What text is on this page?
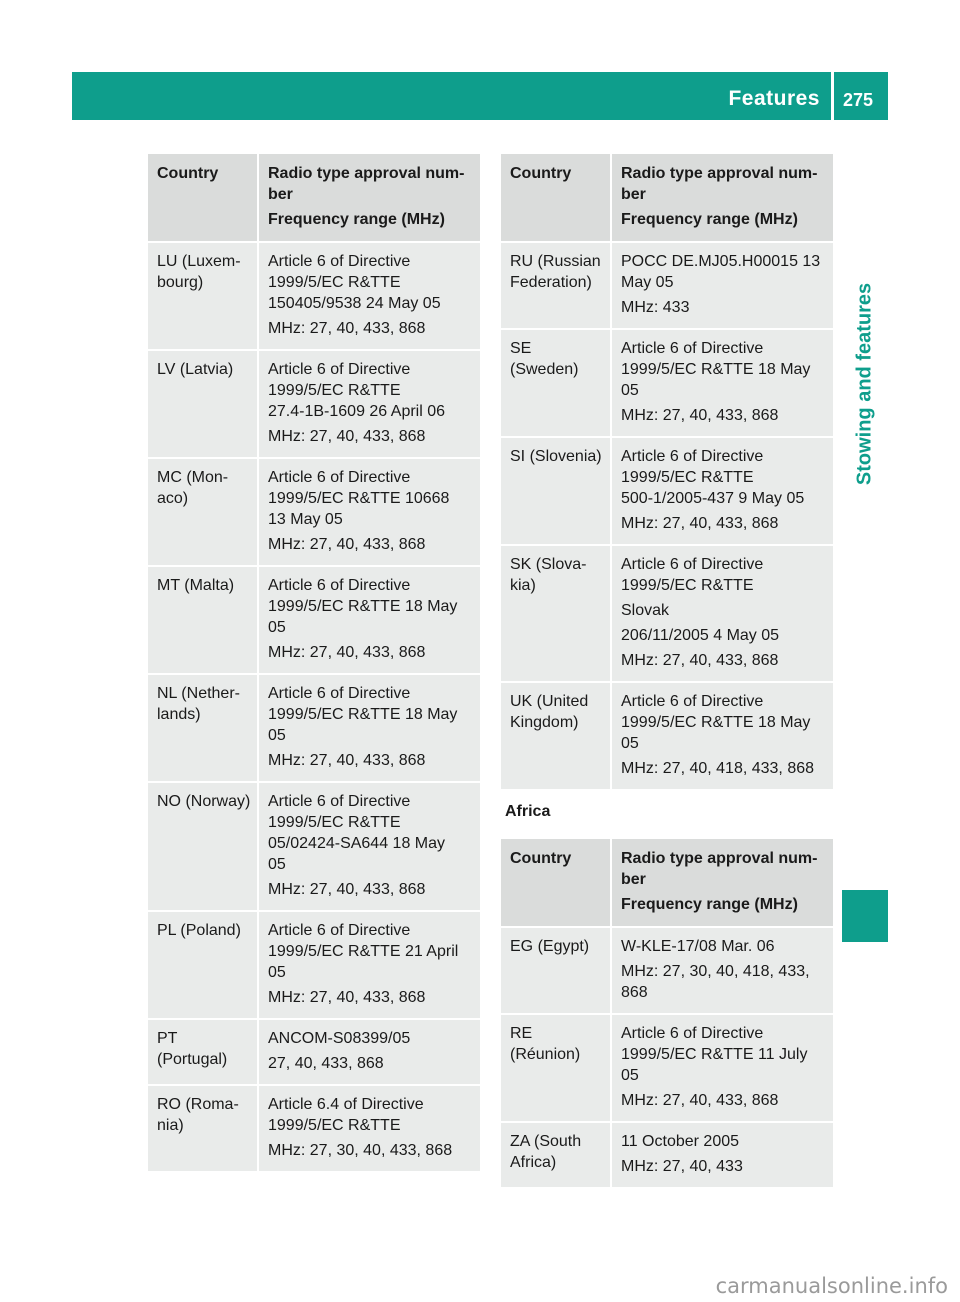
Features 275
Stowing and features
Country	Radio type approval num-
ber
Frequency range (MHz)

LU (Luxem-
bourg)	Article 6 of Directive
1999/5/EC R&TTE
150405/9538 24 May 05
MHz: 27, 40, 433, 868

LV (Latvia)	Article 6 of Directive
1999/5/EC R&TTE
27.4-1B-1609 26 April 06
MHz: 27, 40, 433, 868

MC (Mon-
aco)	Article 6 of Directive
1999/5/EC R&TTE 10668
13 May 05
MHz: 27, 40, 433, 868

MT (Malta)	Article 6 of Directive
1999/5/EC R&TTE 18 May
05
MHz: 27, 40, 433, 868

NL (Nether-
lands)	Article 6 of Directive
1999/5/EC R&TTE 18 May
05
MHz: 27, 40, 433, 868

NO (Norway)	Article 6 of Directive
1999/5/EC R&TTE
05/02424-SA644 18 May
05
MHz: 27, 40, 433, 868

PL (Poland)	Article 6 of Directive
1999/5/EC R&TTE 21 April
05
MHz: 27, 40, 433, 868

PT (Portugal)	ANCOM-S08399/05
27, 40, 433, 868

RO (Roma-
nia)	Article 6.4 of Directive
1999/5/EC R&TTE
MHz: 27, 30, 40, 433, 868
Country	Radio type approval num-
ber
Frequency range (MHz)

RU (Russian
Federation)	POCC DE.MJ05.H00015 13
May 05
MHz: 433

SE (Sweden)	Article 6 of Directive
1999/5/EC R&TTE 18 May
05
MHz: 27, 40, 433, 868

SI (Slovenia)	Article 6 of Directive
1999/5/EC R&TTE
500-1/2005-437 9 May 05
MHz: 27, 40, 433, 868

SK (Slova-
kia)	Article 6 of Directive
1999/5/EC R&TTE
Slovak
206/11/2005 4 May 05
MHz: 27, 40, 433, 868

UK (United
Kingdom)	Article 6 of Directive
1999/5/EC R&TTE 18 May
05
MHz: 27, 40, 418, 433, 868
Africa
Country	Radio type approval num-
ber
Frequency range (MHz)

EG (Egypt)	W-KLE-17/08 Mar. 06
MHz: 27, 30, 40, 418, 433, 868

RE (Réunion)	Article 6 of Directive
1999/5/EC R&TTE 11 July
05
MHz: 27, 40, 433, 868

ZA (South
Africa)	11 October 2005
MHz: 27, 40, 433
carmanualsonline.info
